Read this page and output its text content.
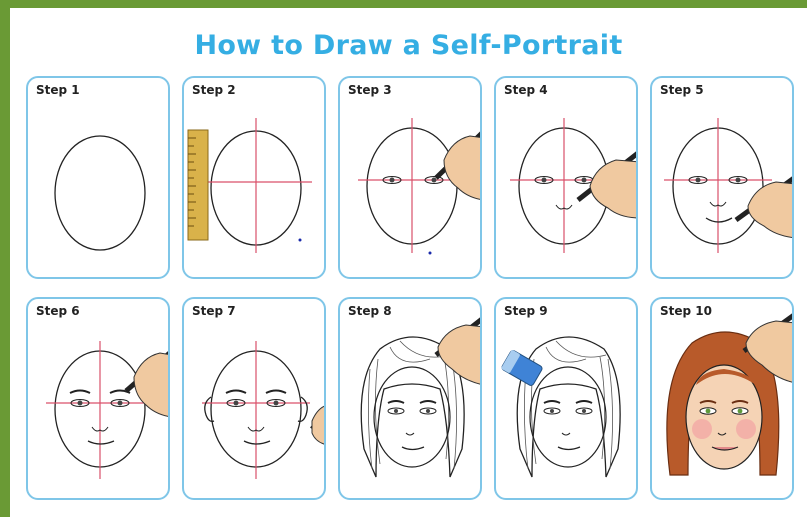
How to Draw a Self-Portrait
Step 1	Step 2	Step 3	Step 4	Step 5
Step 6	Step 7	Step 8	Step 9	Step 10
